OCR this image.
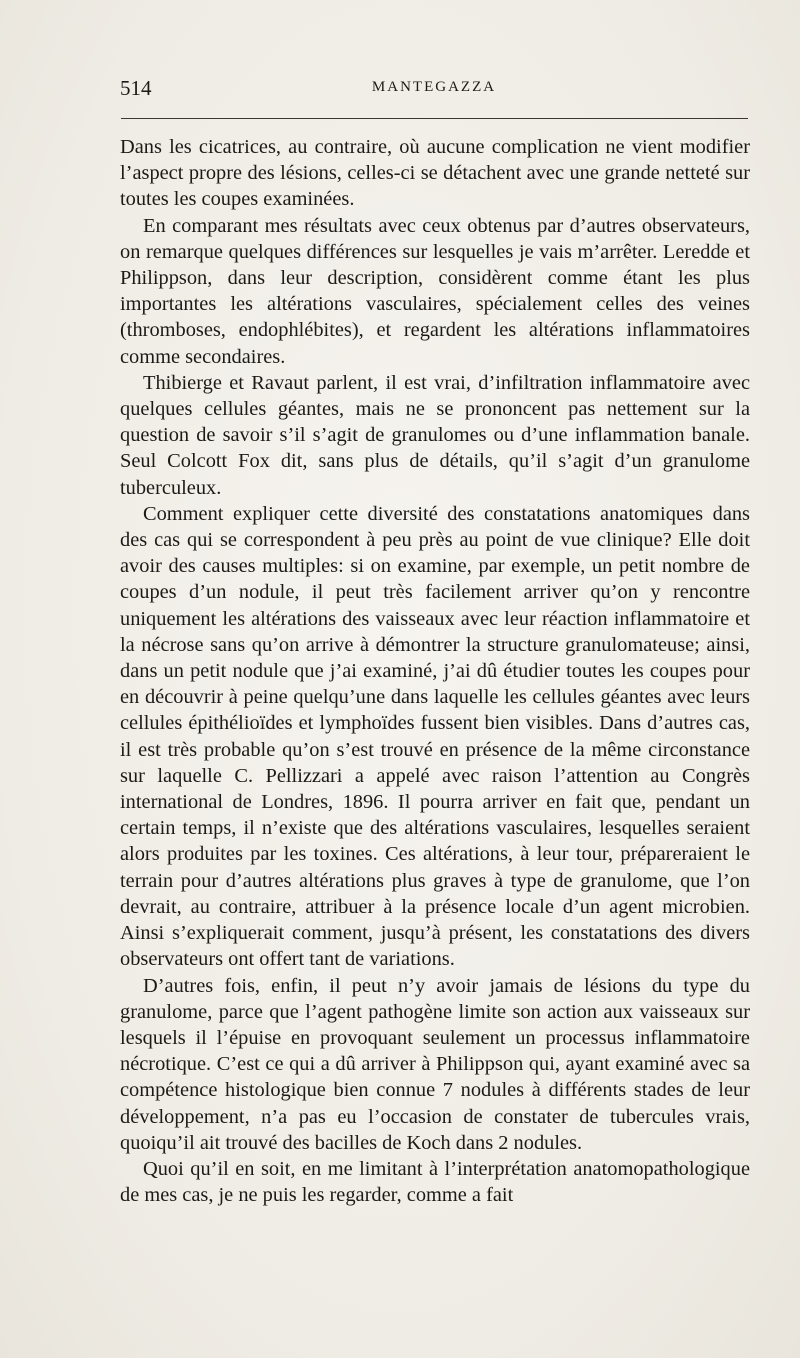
514	MANTEGAZZA

Dans les cicatrices, au contraire, où aucune complication ne vient modifier l’aspect propre des lésions, celles-ci se détachent avec une grande netteté sur toutes les coupes examinées.

En comparant mes résultats avec ceux obtenus par d’autres observateurs, on remarque quelques différences sur lesquelles je vais m’arrêter. Leredde et Philippson, dans leur description, considèrent comme étant les plus importantes les altérations vasculaires, spécialement celles des veines (thromboses, endophlébites), et regardent les altérations inflammatoires comme secondaires.

Thibierge et Ravaut parlent, il est vrai, d’infiltration inflammatoire avec quelques cellules géantes, mais ne se prononcent pas nettement sur la question de savoir s’il s’agit de granulomes ou d’une inflammation banale. Seul Colcott Fox dit, sans plus de détails, qu’il s’agit d’un granulome tuberculeux.

Comment expliquer cette diversité des constatations anatomiques dans des cas qui se correspondent à peu près au point de vue clinique? Elle doit avoir des causes multiples: si on examine, par exemple, un petit nombre de coupes d’un nodule, il peut très facilement arriver qu’on y rencontre uniquement les altérations des vaisseaux avec leur réaction inflammatoire et la nécrose sans qu’on arrive à démontrer la structure granulomateuse; ainsi, dans un petit nodule que j’ai examiné, j’ai dû étudier toutes les coupes pour en découvrir à peine quelqu’une dans laquelle les cellules géantes avec leurs cellules épithélioïdes et lymphoïdes fussent bien visibles. Dans d’autres cas, il est très probable qu’on s’est trouvé en présence de la même circonstance sur laquelle C. Pellizzari a appelé avec raison l’attention au Congrès international de Londres, 1896. Il pourra arriver en fait que, pendant un certain temps, il n’existe que des altérations vasculaires, lesquelles seraient alors produites par les toxines. Ces altérations, à leur tour, prépareraient le terrain pour d’autres altérations plus graves à type de granulome, que l’on devrait, au contraire, attribuer à la présence locale d’un agent microbien. Ainsi s’expliquerait comment, jusqu’à présent, les constatations des divers observateurs ont offert tant de variations.

D’autres fois, enfin, il peut n’y avoir jamais de lésions du type du granulome, parce que l’agent pathogène limite son action aux vaisseaux sur lesquels il l’épuise en provoquant seulement un processus inflammatoire nécrotique. C’est ce qui a dû arriver à Philippson qui, ayant examiné avec sa compétence histologique bien connue 7 nodules à différents stades de leur développement, n’a pas eu l’occasion de constater de tubercules vrais, quoiqu’il ait trouvé des bacilles de Koch dans 2 nodules.

Quoi qu’il en soit, en me limitant à l’interprétation anatomopathologique de mes cas, je ne puis les regarder, comme a fait
